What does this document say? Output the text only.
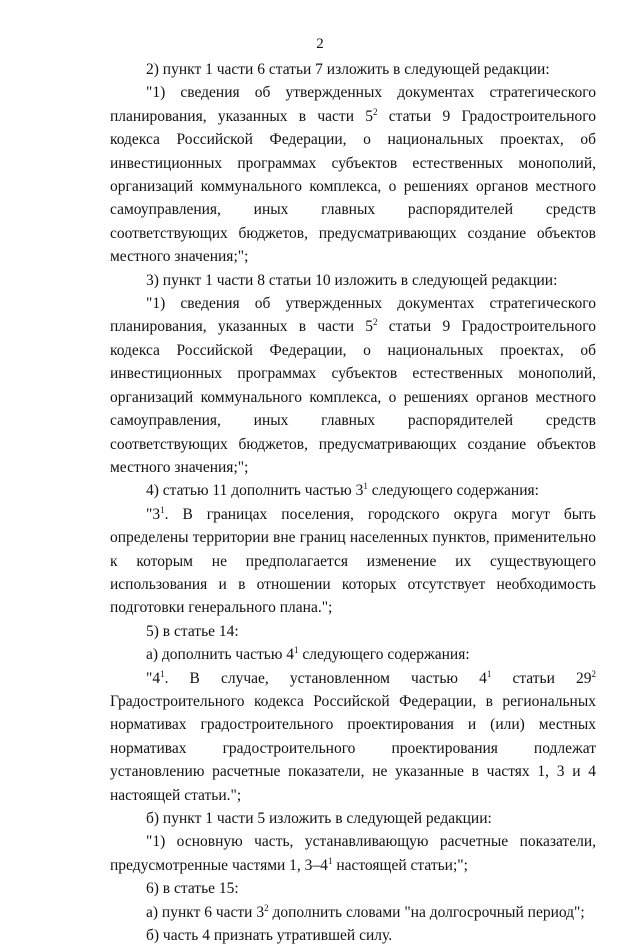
2

2) пункт 1 части 6 статьи 7 изложить в следующей редакции:

"1) сведения об утвержденных документах стратегического планирования, указанных в части $5^2$ статьи 9 Градостроительного кодекса Российской Федерации, о национальных проектах, об инвестиционных программах субъектов естественных монополий, организаций коммунального комплекса, о решениях органов местного самоуправления, иных главных распорядителей средств соответствующих бюджетов, предусматривающих создание объектов местного значения;";

3) пункт 1 части 8 статьи 10 изложить в следующей редакции:

"1) сведения об утвержденных документах стратегического планирования, указанных в части $5^2$ статьи 9 Градостроительного кодекса Российской Федерации, о национальных проектах, об инвестиционных программах субъектов естественных монополий, организаций коммунального комплекса, о решениях органов местного самоуправления, иных главных распорядителей средств соответствующих бюджетов, предусматривающих создание объектов местного значения;";

4) статью 11 дополнить частью $3^1$ следующего содержания:

"$3^1$. В границах поселения, городского округа могут быть определены территории вне границ населенных пунктов, применительно к которым не предполагается изменение их существующего использования и в отношении которых отсутствует необходимость подготовки генерального плана.";

5) в статье 14:

а) дополнить частью $4^1$ следующего содержания:

"$4^1$. В случае, установленном частью $4^1$ статьи $29^2$ Градостроительного кодекса Российской Федерации, в региональных нормативах градостроительного проектирования и (или) местных нормативах градостроительного проектирования подлежат установлению расчетные показатели, не указанные в частях 1, 3 и 4 настоящей статьи.";

б) пункт 1 части 5 изложить в следующей редакции:

"1) основную часть, устанавливающую расчетные показатели, предусмотренные частями 1, $3-4^1$ настоящей статьи;";

6) в статье 15:

а) пункт 6 части $3^2$ дополнить словами "на долгосрочный период";

б) часть 4 признать утратившей силу.
